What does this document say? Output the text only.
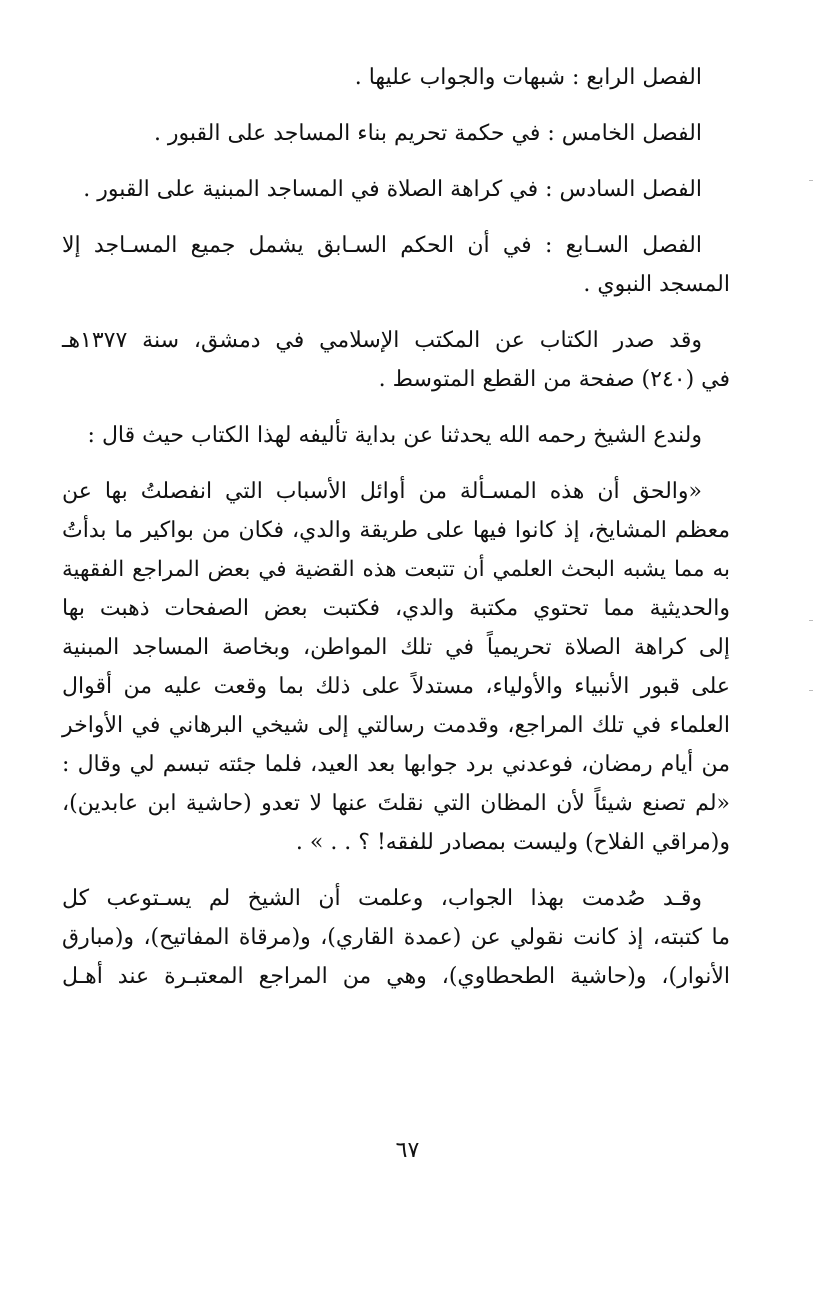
الفصل الرابع : شبهات والجواب عليها .
الفصل الخامس : في حكمة تحريم بناء المساجد على القبور .
الفصل السادس : في كراهة الصلاة في المساجد المبنية على القبور .
الفصل السـابع : في أن الحكم السـابق يشمل جميع المسـاجد إلا
المسجد النبوي .
وقد صدر الكتاب عن المكتب الإسلامي في دمشق، سنة ١٣٧٧هـ
في (٢٤٠) صفحة من القطع المتوسط .
ولندع الشيخ رحمه الله يحدثنا عن بداية تأليفه لهذا الكتاب حيث قال :
«والحق أن هذه المسـألة من أوائل الأسباب التي انفصلتُ بها عن
معظم المشايخ، إذ كانوا فيها على طريقة والدي، فكان من بواكير ما بدأتُ
به مما يشبه البحث العلمي أن تتبعت هذه القضية في بعض المراجع الفقهية
والحديثية مما تحتوي مكتبة والدي، فكتبت بعض الصفحات ذهبت بها
إلى كراهة الصلاة تحريمياً في تلك المواطن، وبخاصة المساجد المبنية
على قبور الأنبياء والأولياء، مستدلاً على ذلك بما وقعت عليه من أقوال
العلماء في تلك المراجع، وقدمت رسالتي إلى شيخي البرهاني في الأواخر
من أيام رمضان، فوعدني برد جوابها بعد العيد، فلما جئته تبسم لي وقال :
«لم تصنع شيئاً لأن المظان التي نقلتَ عنها لا تعدو (حاشية ابن عابدين)،
و(مراقي الفلاح) وليست بمصادر للفقه! ؟ . . » .
وقـد صُدمت بهذا الجواب، وعلمت أن الشيخ لم يسـتوعب كل
ما كتبته، إذ كانت نقولي عن (عمدة القاري)، و(مرقاة المفاتيح)، و(مبارق
الأنوار)، و(حاشية الطحطاوي)، وهي من المراجع المعتبـرة عند أهـل
٦٧
